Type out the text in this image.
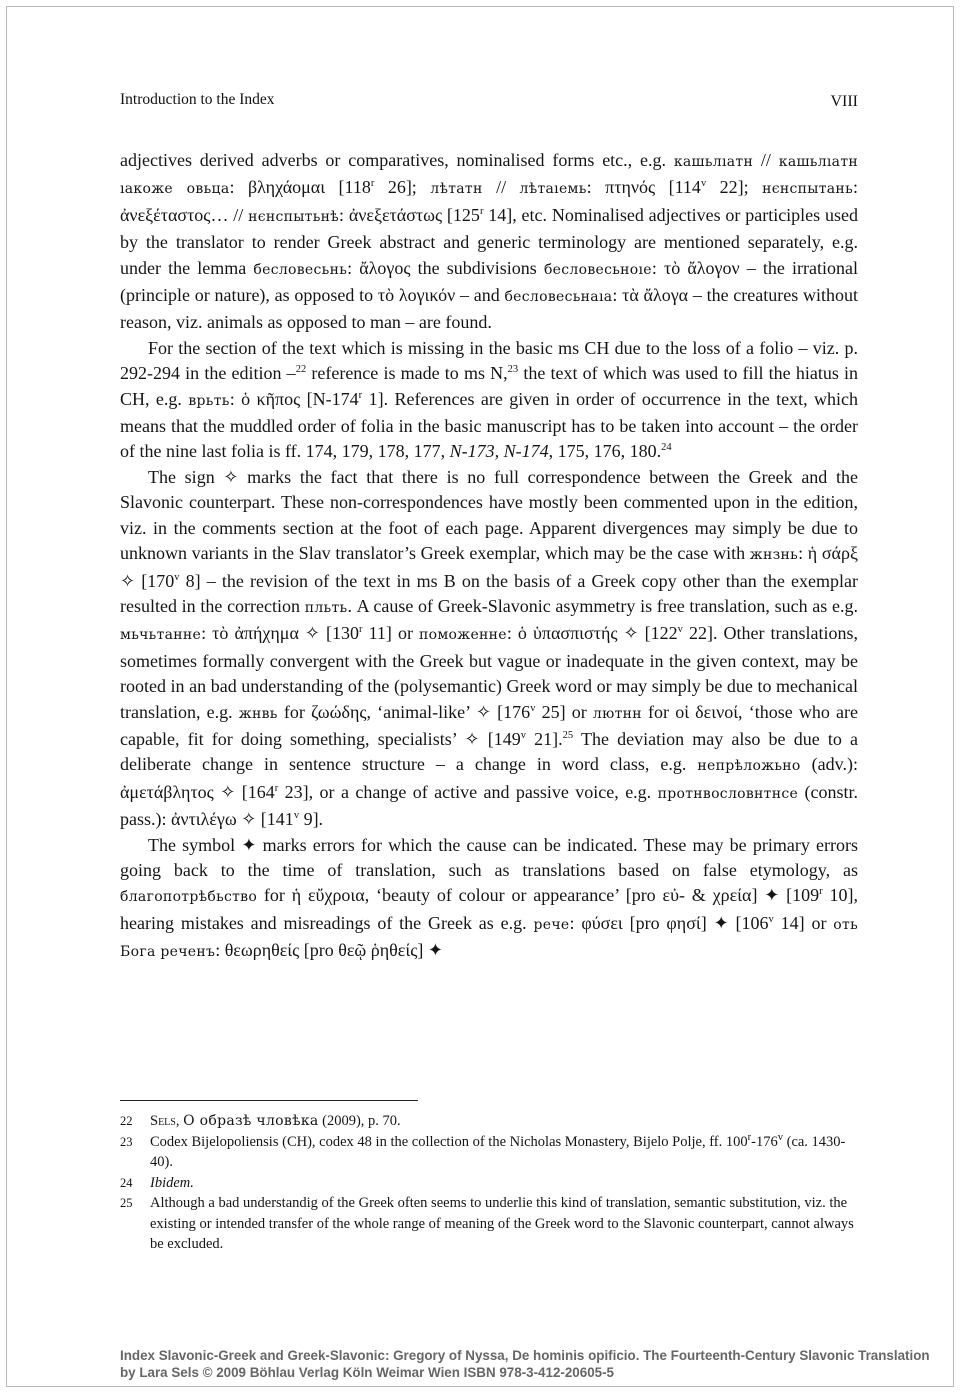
Introduction to the Index	VIII

adjectives derived adverbs or comparatives, nominalised forms etc., e.g. кашьлıатн // кашьлıатн ıакоже овьца: βληχάομαι [118$^r$ 26]; лѣтатн // лѣтаıемь: πτηνός [114$^v$ 22]; нєнспытань: ἀνεξέταστος… // нєнспытьнѣ: ἀνεξετάστως [125$^r$ 14], etc. Nominalised adjectives or participles used by the translator to render Greek abstract and generic terminology are mentioned separately, e.g. under the lemma бесловесьнь: ἄλογος the subdivisions бесловесьноıе: τὸ ἄλογον – the irrational (principle or nature), as opposed to τὸ λογικόν – and бесловесьнаıа: τὰ ἄλογα – the creatures without reason, viz. animals as opposed to man – are found.

For the section of the text which is missing in the basic ms CH due to the loss of a folio – viz. p. 292-294 in the edition –$^{22}$ reference is made to ms N,$^{23}$ the text of which was used to fill the hiatus in CH, e.g. врьть: ὁ κῆπος [N-174$^r$ 1]. References are given in order of occurrence in the text, which means that the muddled order of folia in the basic manuscript has to be taken into account – the order of the nine last folia is ff. 174, 179, 178, 177, N-173, N-174, 175, 176, 180.24

The sign ✧ marks the fact that there is no full correspondence between the Greek and the Slavonic counterpart. These non-correspondences have mostly been commented upon in the edition, viz. in the comments section at the foot of each page. Apparent divergences may simply be due to unknown variants in the Slav translator’s Greek exemplar, which may be the case with жнзнь: ἡ σάρξ ✧ [170$^v$ 8] – the revision of the text in ms B on the basis of a Greek copy other than the exemplar resulted in the correction пльть. A cause of Greek-Slavonic asymmetry is free translation, such as e.g. мьчьтанне: τὸ ἀπήχημα ✧ [130$^r$ 11] or поможенне: ὁ ὑπασπιστής ✧ [122$^v$ 22]. Other translations, sometimes formally convergent with the Greek but vague or inadequate in the given context, may be rooted in an bad understanding of the (polysemantic) Greek word or may simply be due to mechanical translation, e.g. жнвь for ζωώδης, ‘animal-like’ ✧ [176$^v$ 25] or лютнн for οἱ δεινοί, ‘those who are capable, fit for doing something, specialists’ ✧ [149$^v$ 21].$^{25}$ The deviation may also be due to a deliberate change in sentence structure – a change in word class, e.g. непрѣложьно (adv.): ἀμετάβλητος ✧ [164$^r$ 23], or a change of active and passive voice, e.g. протнвословнтнсе (constr. pass.): ἀντιλέγω ✧ [141$^v$ 9].

The symbol ✦ marks errors for which the cause can be indicated. These may be primary errors going back to the time of translation, such as translations based on false etymology, as благопотрѣбьство for ἡ εὔχροια, ‘beauty of colour or appearance’ [pro εὐ- & χρεία] ✦ [109$^r$ 10], hearing mistakes and misreadings of the Greek as e.g. рече: φύσει [pro φησί] ✦ [106$^v$ 14] or оть Бога реченъ: θεωρηθείς [pro θεῷ ῥηθείς] ✦

22	Sels, О образѣ чловѣка (2009), p. 70.
23	Codex Bijelopoliensis (CH), codex 48 in the collection of the Nicholas Monastery, Bijelo Polje, ff. 100$^r$-176$^v$ (ca. 1430-40).
24	Ibidem.
25	Although a bad understandig of the Greek often seems to underlie this kind of translation, semantic substitution, viz. the existing or intended transfer of the whole range of meaning of the Greek word to the Slavonic counterpart, cannot always be excluded.
Index Slavonic-Greek and Greek-Slavonic: Gregory of Nyssa, De hominis opificio. The Fourteenth-Century Slavonic Translation
by Lara Sels © 2009 Böhlau Verlag Köln Weimar Wien ISBN 978-3-412-20605-5
